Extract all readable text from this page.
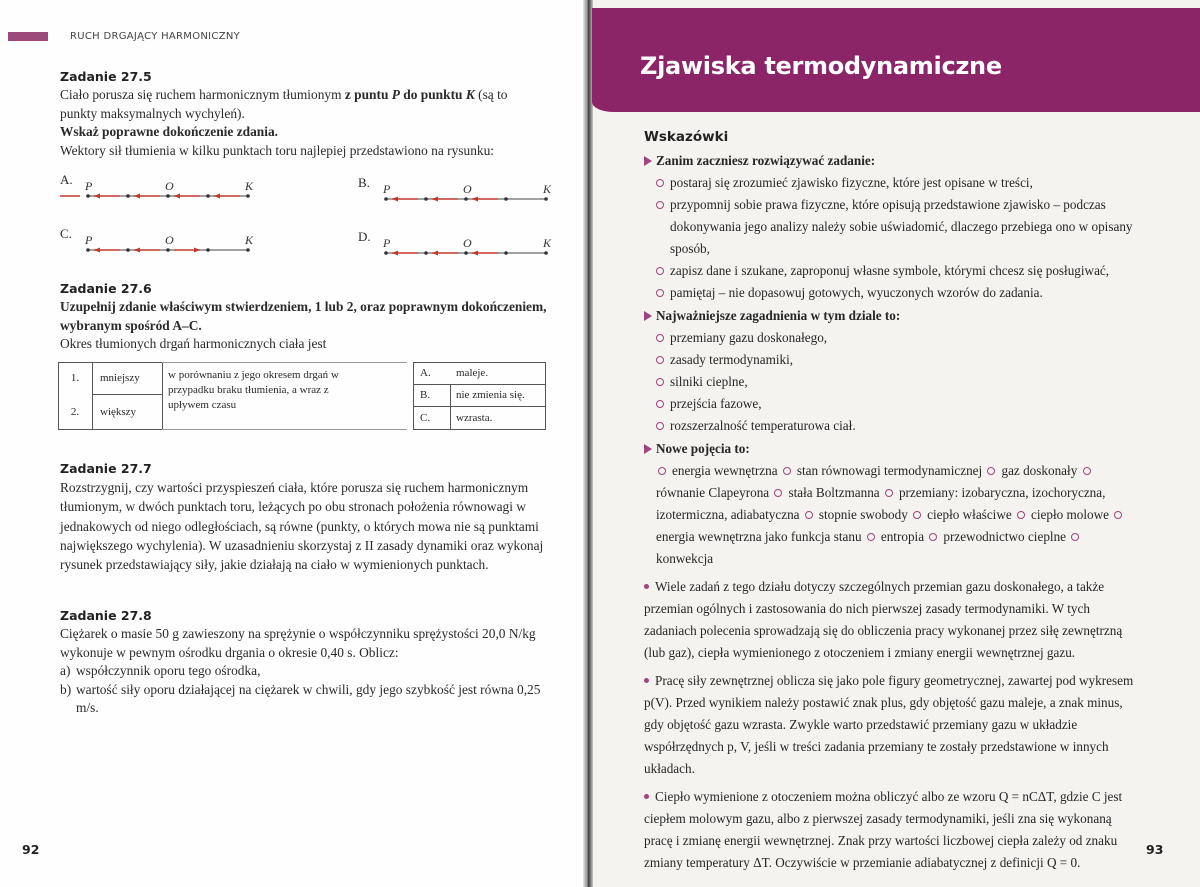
RUCH DRGAJĄCY HARMONICZNY
Zadanie 27.5

Ciało porusza się ruchem harmonicznym tłumionym z puntu P do punktu K (są to

punkty maksymalnych wychyleń).

Wskaż poprawne dokończenie zdania.

Wektory sił tłumienia w kilku punktach toru najlepiej przedstawiono na rysunku:

A. P	O	K	B. P	O	K
C. P	O	K	D. P	O	K
Zadanie 27.6

Uzupełnij zdanie właściwym stwierdzeniem, 1 lub 2, oraz poprawnym dokończeniem, wybranym spośród A–C.

Okres tłumionych drgań harmonicznych ciała jest

1.	mniejszy
2.	większy
w porównaniu z jego okresem drgań w przypadku braku tłumienia, a wraz z upływem czasu
A.	maleje.
B.	nie zmienia się.
C.	wzrasta.
Zadanie 27.7

Rozstrzygnij, czy wartości przyspieszeń ciała, które porusza się ruchem harmonicznym tłumionym, w dwóch punktach toru, leżących po obu stronach położenia równowagi w jednakowych od niego odległościach, są równe (punkty, o których mowa nie są punktami największego wychylenia). W uzasadnieniu skorzystaj z II zasady dynamiki oraz wykonaj rysunek przedstawiający siły, jakie działają na ciało w wymienionych punktach.

Zadanie 27.8

Ciężarek o masie 50 g zawieszony na sprężynie o współczynniku sprężystości 20,0 N/kg wykonuje w pewnym ośrodku drgania o okresie 0,40 s. Oblicz:

a) współczynnik oporu tego ośrodka,
b) wartość siły oporu działającej na ciężarek w chwili, gdy jego szybkość jest równa 0,25 m/s.
92
Zjawiska termodynamiczne
Wskazówki
Zanim zaczniesz rozwiązywać zadanie:
postaraj się zrozumieć zjawisko fizyczne, które jest opisane w treści,
przypomnij sobie prawa fizyczne, które opisują przedstawione zjawisko – podczas dokonywania jego analizy należy sobie uświadomić, dlaczego przebiega ono w opisany sposób,
zapisz dane i szukane, zaproponuj własne symbole, którymi chcesz się posługiwać,
pamiętaj – nie dopasowuj gotowych, wyuczonych wzorów do zadania.
Najważniejsze zagadnienia w tym dziale to:
przemiany gazu doskonałego,
zasady termodynamiki,
silniki cieplne,
przejścia fazowe,
rozszerzalność temperaturowa ciał.
Nowe pojęcia to:
energia wewnętrzna stan równowagi termodynamicznej gaz doskonały równanie Clapeyrona stała Boltzmanna przemiany: izobaryczna, izochoryczna, izotermiczna, adiabatyczna stopnie swobody ciepło właściwe ciepło molowe energia wewnętrzna jako funkcja stanu entropia przewodnictwo cieplne konwekcja
Wiele zadań z tego działu dotyczy szczególnych przemian gazu doskonałego, a także przemian ogólnych i zastosowania do nich pierwszej zasady termodynamiki. W tych zadaniach polecenia sprowadzają się do obliczenia pracy wykonanej przez siłę zewnętrzną (lub gaz), ciepła wymienionego z otoczeniem i zmiany energii wewnętrznej gazu.
Pracę siły zewnętrznej oblicza się jako pole figury geometrycznej, zawartej pod wykresem p(V). Przed wynikiem należy postawić znak plus, gdy objętość gazu maleje, a znak minus, gdy objętość gazu wzrasta. Zwykle warto przedstawić przemiany gazu w układzie współrzędnych p, V, jeśli w treści zadania przemiany te zostały przedstawione w innych układach.
Ciepło wymienione z otoczeniem można obliczyć albo ze wzoru Q = nCΔT, gdzie C jest ciepłem molowym gazu, albo z pierwszej zasady termodynamiki, jeśli zna się wykonaną pracę i zmianę energii wewnętrznej. Znak przy wartości liczbowej ciepła zależy od znaku zmiany temperatury ΔT. Oczywiście w przemianie adiabatycznej z definicji Q = 0.
93
